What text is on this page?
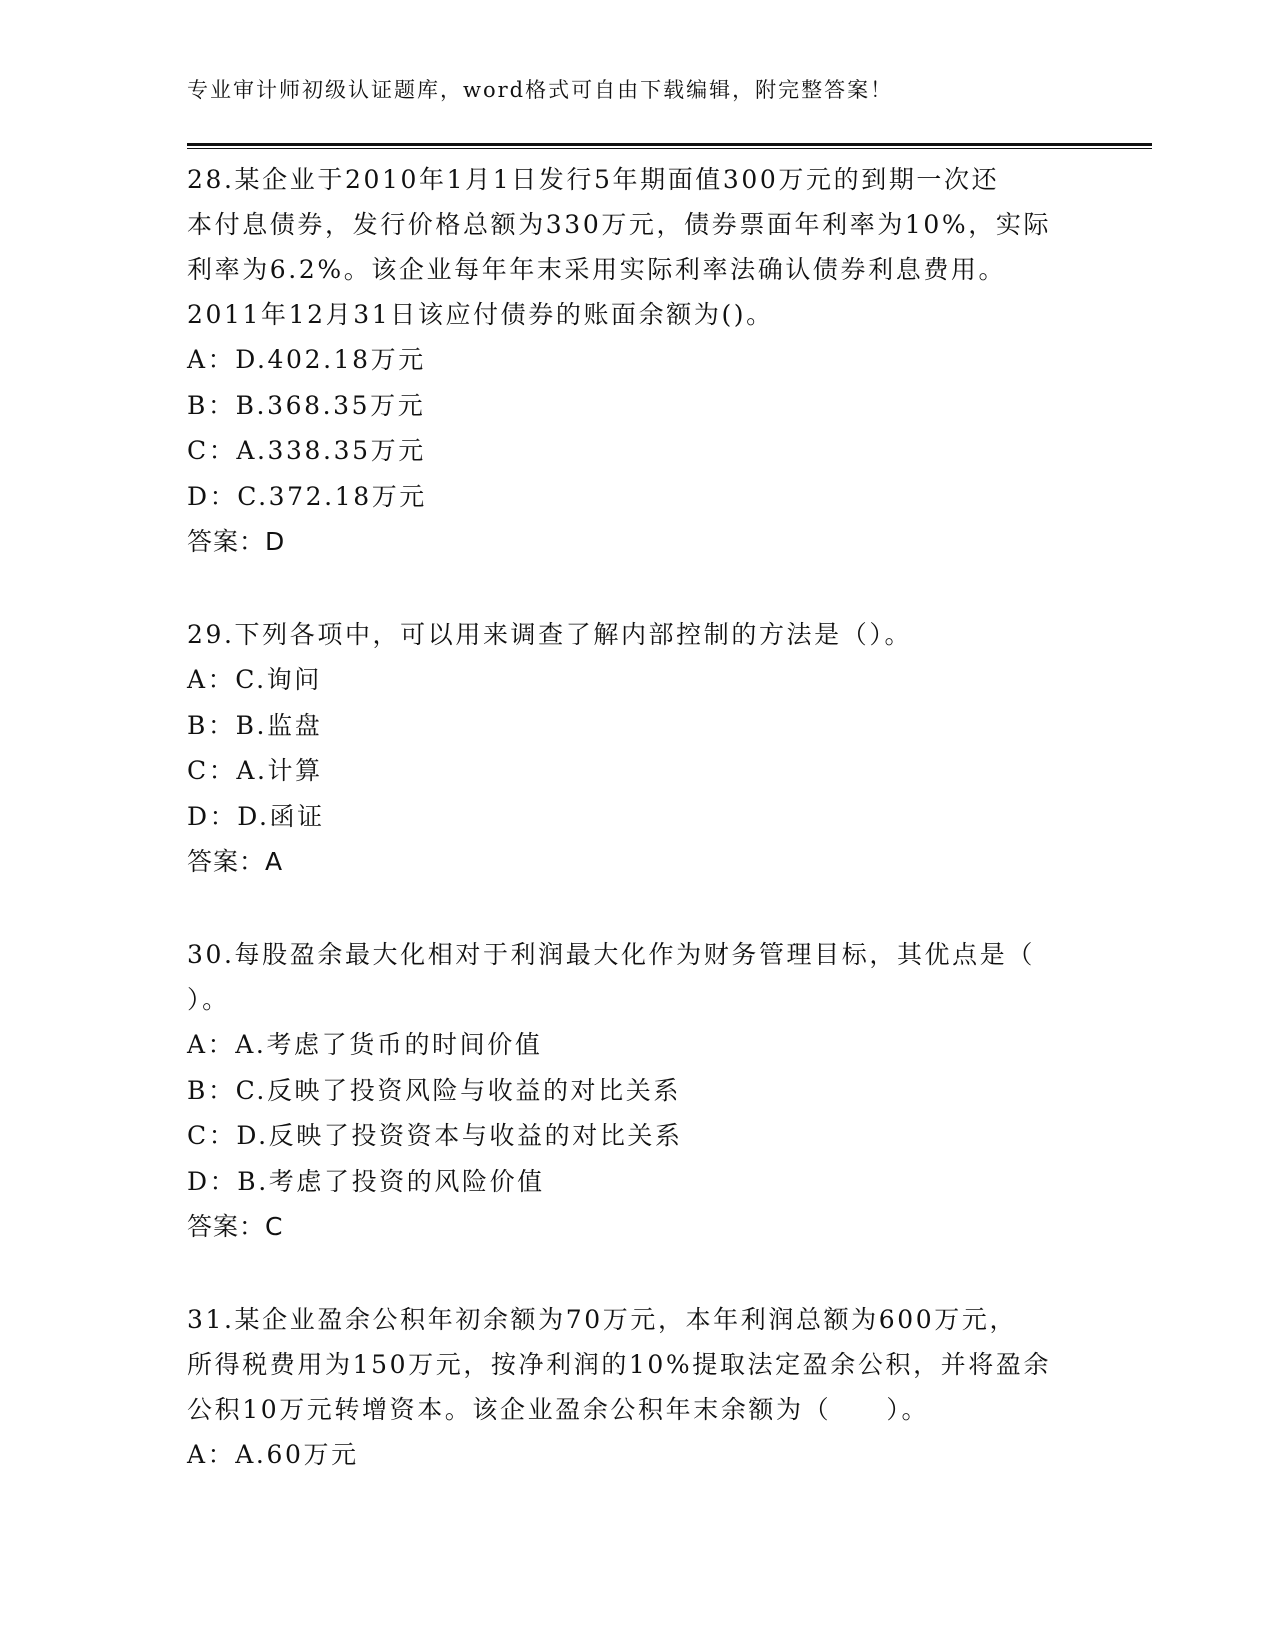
专业审计师初级认证题库，word格式可自由下载编辑，附完整答案！

28.某企业于2010年1月1日发行5年期面值300万元的到期一次还

本付息债券，发行价格总额为330万元，债券票面年利率为10%，实际

利率为6.2%。该企业每年年末采用实际利率法确认债券利息费用。

2011年12月31日该应付债券的账面余额为()。

A：D.402.18万元

B：B.368.35万元

C：A.338.35万元

D：C.372.18万元

答案：D

29.下列各项中，可以用来调查了解内部控制的方法是（）。

A：C.询问

B：B.监盘

C：A.计算

D：D.函证

答案：A

30.每股盈余最大化相对于利润最大化作为财务管理目标，其优点是（

）。

A：A.考虑了货币的时间价值

B：C.反映了投资风险与收益的对比关系

C：D.反映了投资资本与收益的对比关系

D：B.考虑了投资的风险价值

答案：C

31.某企业盈余公积年初余额为70万元，本年利润总额为600万元，

所得税费用为150万元，按净利润的10%提取法定盈余公积，并将盈余

公积10万元转增资本。该企业盈余公积年末余额为（　　）。

A：A.60万元
